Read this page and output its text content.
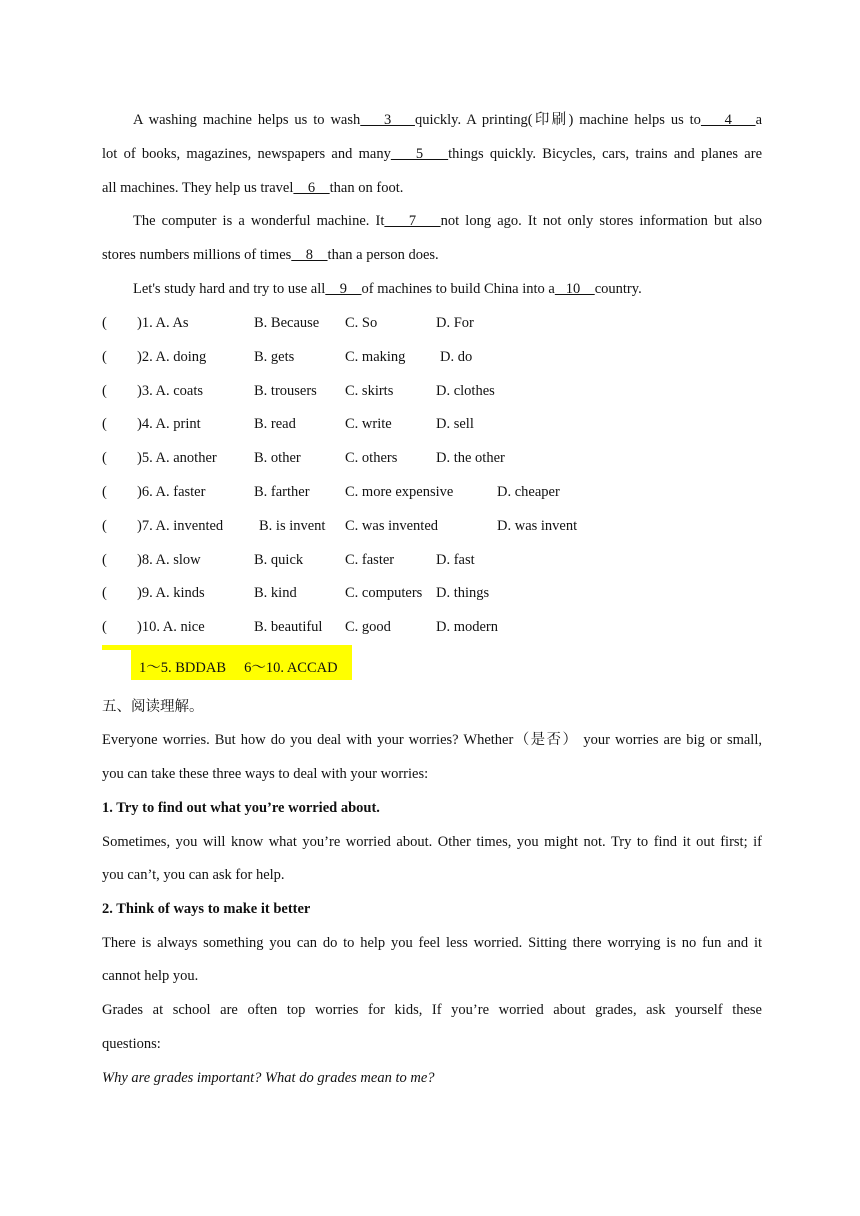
A washing machine helps us to wash    3    quickly. A printing(印刷) machine helps us to    4    a
lot of books, magazines, newspapers and many    5    things quickly. Bicycles, cars, trains and planes are
all machines. They help us travel    6    than on foot.
The computer is a wonderful machine. It    7    not long ago. It not only stores information but also
stores numbers millions of times    8    than a person does.
Let's study hard and try to use all    9    of machines to build China into a   10    country.
( )1. A. As	B. Because C. So	D. For
( )2. A. doing	B. gets	C. making D. do
( )3. A. coats	B. trousers C. skirts	D. clothes
( )4. A. print	B. read	C. write	D. sell
( )5. A. another	B. other	C. others	D. the other
( )6. A. faster	B. farther C. more expensive	D. cheaper
( )7. A. invented B. is invent C. was invented	D. was invent
( )8. A. slow	B. quick	C. faster	D. fast
( )9. A. kinds	B. kind	C. computers D. things
( )10. A. nice	B. beautiful C. good	D. modern
1～5. BDDAB     6～10. ACCAD
五、阅读理解。
Everyone worries. But how do you deal with your worries? Whether（是否） your worries are big or small,
you can take these three ways to deal with your worries:
1. Try to find out what you’re worried about.
Sometimes, you will know what you’re worried about. Other times, you might not. Try to find it out first; if
you can’t, you can ask for help.
2. Think of ways to make it better
There is always something you can do to help you feel less worried. Sitting there worrying is no fun and it
cannot help you.
Grades at school are often top worries for kids, If you’re worried about grades, ask yourself these
questions:
Why are grades important? What do grades mean to me?
